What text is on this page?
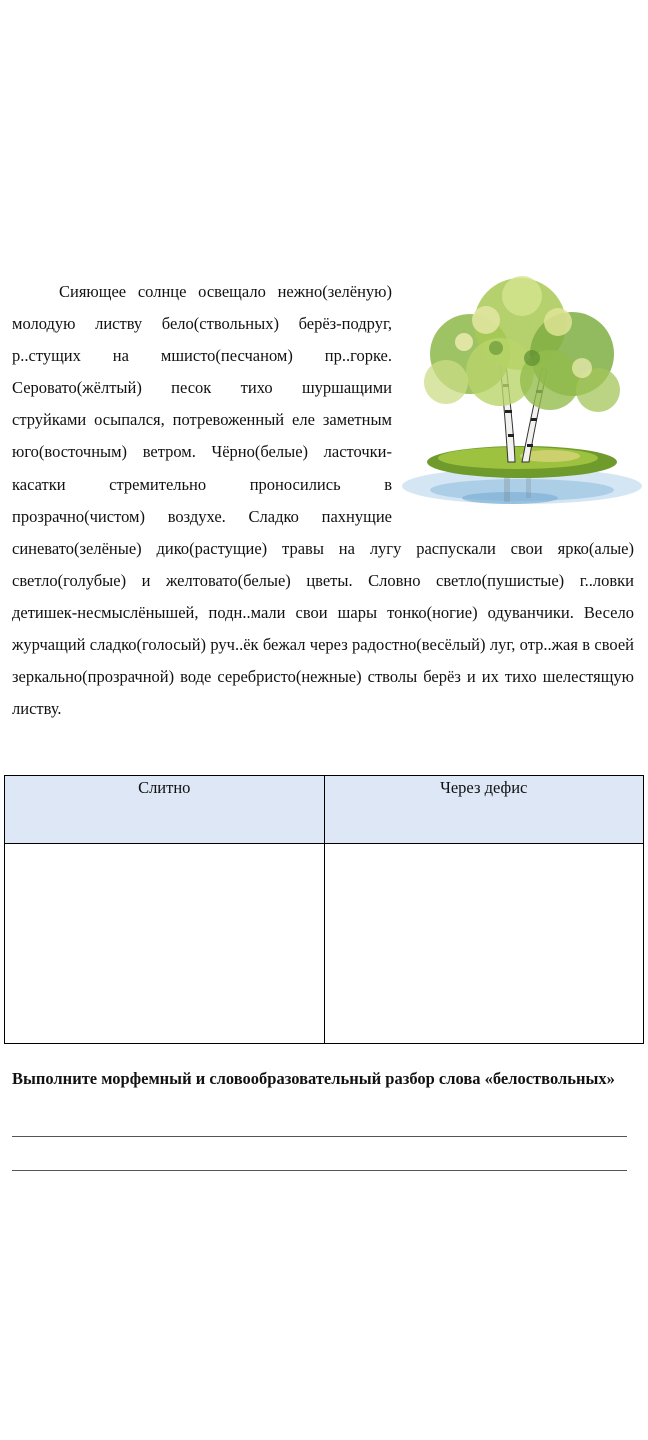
Сияющее солнце освещало нежно(зелёную) молодую листву бело(ствольных) берёз-подруг, р..стущих на мшисто(песчаном) пр..горке. Серовато(жёлтый) песок тихо шуршащими струйками осыпался, потревоженный еле заметным юго(восточным) ветром. Чёрно(белые) ласточки-касатки стремительно проносились в прозрачно(чистом) воздухе. Сладко пахнущие синевато(зелёные) дико(растущие) травы на лугу распускали свои ярко(алые) светло(голубые) и желтовато(белые) цветы. Словно светло(пушистые) г..ловки детишек-несмыслёнышей, подн..мали свои шары тонко(ногие) одуванчики. Весело журчащий сладко(голосый) руч..ёк бежал через радостно(весёлый) луг, отр..жая в своей зеркально(прозрачной) воде серебристо(нежные) стволы берёз и их тихо шелестящую листву.

Слитно	Через дефис

Выполните морфемный и словообразовательный разбор слова «белоствольных»
